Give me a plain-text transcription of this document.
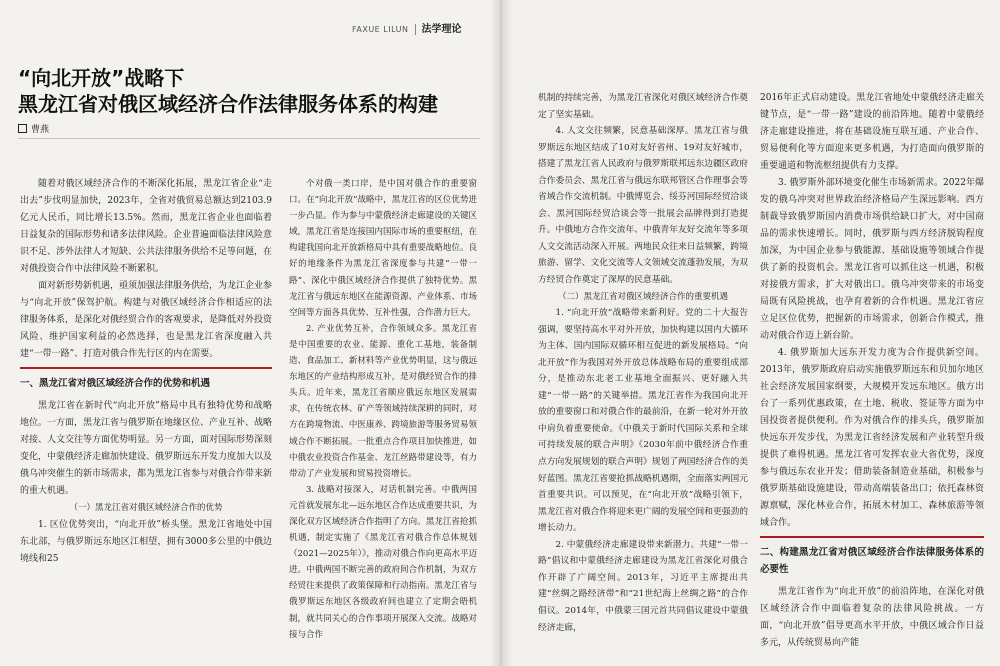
FAXUE LILUN 法学理论
“向北开放”战略下
黑龙江省对俄区域经济合作法律服务体系的构建
曹燕

随着对俄区域经济合作的不断深化拓展，黑龙江省企业“走出去”步伐明显加快，2023年，全省对俄贸易总额达到2103.9亿元人民币，同比增长13.5%。然而，黑龙江省企业也面临着日益复杂的国际形势和诸多法律风险。企业普遍面临法律风险意识不足、涉外法律人才短缺、公共法律服务供给不足等问题，在对俄投资合作中法律风险不断累积。

面对新形势新机遇，亟须加强法律服务供给，为龙江企业参与“向北开放”保驾护航。构建与对俄区域经济合作相适应的法律服务体系，是深化对俄经贸合作的客观要求，是降低对外投资风险、维护国家利益的必然选择，也是黑龙江省深度融入共建“一带一路”、打造对俄合作先行区的内在需要。

一、黑龙江省对俄区域经济合作的优势和机遇

黑龙江省在新时代“向北开放”格局中具有独特优势和战略地位。一方面，黑龙江省与俄罗斯在地缘区位、产业互补、战略对接、人文交往等方面优势明显。另一方面，面对国际形势深刻变化，中蒙俄经济走廊加快建设、俄罗斯远东开发力度加大以及俄乌冲突催生的新市场需求，都为黑龙江省参与对俄合作带来新的重大机遇。

（一）黑龙江省对俄区域经济合作的优势

1. 区位优势突出，“向北开放”桥头堡。黑龙江省地处中国东北部，与俄罗斯远东地区江相望，拥有3000多公里的中俄边境线和25

个对俄一类口岸，是中国对俄合作的重要窗口。在“向北开放”战略中，黑龙江省的区位优势进一步凸显。作为参与中蒙俄经济走廊建设的关键区域，黑龙江省是连接国内国际市场的重要枢纽，在构建我国向北开放新格局中具有重要战略地位。良好的地缘条件为黑龙江省深度参与共建“一带一路”、深化中俄区域经济合作提供了独特优势。黑龙江省与俄远东地区在能源资源、产业体系、市场空间等方面各具优势、互补性强，合作潜力巨大。

2. 产业优势互补，合作领域众多。黑龙江省是中国重要的农业、能源、重化工基地，装备制造、食品加工、新材料等产业优势明显，这与俄远东地区的产业结构形成互补，是对俄经贸合作的排头兵。近年来，黑龙江省顺应俄远东地区发展需求，在传统农林、矿产等领域持续深耕的同时，对方在跨境物流、中医康养、跨境旅游等服务贸易领域合作不断拓展。一批重点合作项目加快推进，如中俄农业投资合作基金、龙江丝路带建设等，有力带动了产业发展和贸易投资增长。

3. 战略对接深入，对话机制完善。中俄两国元首就发展东北—远东地区合作达成重要共识，为深化双方区域经济合作指明了方向。黑龙江省抢抓机遇，制定实施了《黑龙江省对俄合作总体规划（2021—2025年）》，推动对俄合作向更高水平迈进。中俄两国不断完善的政府间合作机制，为双方经贸往来提供了政策保障和行动指南。黑龙江省与俄罗斯远东地区各级政府间也建立了定期会晤机制，就共同关心的合作事项开展深入交流。战略对接与合作

机制的持续完善，为黑龙江省深化对俄区域经济合作奠定了坚实基础。

4. 人文交往频繁，民意基础深厚。黑龙江省与俄罗斯远东地区结成了10对友好省州、19对友好城市，搭建了黑龙江省人民政府与俄罗斯联邦远东边疆区政府合作委员会、黑龙江省与俄远东联邦管区合作理事会等省域合作交流机制。中俄博览会、绥芬河国际经贸洽谈会、黑河国际经贸洽谈会等一批展会品牌得到打造提升。中俄地方合作交流年、中俄青年友好交流年等多项人文交流活动深入开展。两地民众往来日益频繁，跨境旅游、留学、文化交流等人文领域交流蓬勃发展，为双方经贸合作奠定了深厚的民意基础。

（二）黑龙江省对俄区域经济合作的重要机遇

1. “向北开放”战略带来新利好。党的二十大报告强调，要坚持高水平对外开放，加快构建以国内大循环为主体、国内国际双循环相互促进的新发展格局。“向北开放”作为我国对外开放总体战略布局的重要组成部分，是推动东北老工业基地全面振兴、更好融入共建“一带一路”的关键举措。黑龙江省作为我国向北开放的重要窗口和对俄合作的最前沿，在新一轮对外开放中肩负着重要使命。《中俄关于新时代国际关系和全球可持续发展的联合声明》《2030年前中俄经济合作重点方向发展规划的联合声明》规划了两国经济合作的美好蓝图。黑龙江省要抢抓战略机遇期，全面落实两国元首重要共识。可以预见，在“向北开放”战略引领下，黑龙江省对俄合作将迎来更广阔的发展空间和更强劲的增长动力。

2. 中蒙俄经济走廊建设带来新潜力。共建“一带一路”倡议和中蒙俄经济走廊建设为黑龙江省深化对俄合作开辟了广阔空间。2013年，习近平主席提出共建“丝绸之路经济带”和“21世纪海上丝绸之路”的合作倡议。2014年，中俄蒙三国元首共同倡议建设中蒙俄经济走廊，

2016年正式启动建设。黑龙江省地处中蒙俄经济走廊关键节点，是“一带一路”建设的前沿阵地。随着中蒙俄经济走廊建设推进，将在基础设施互联互通、产业合作、贸易便利化等方面迎来更多机遇，为打造面向俄罗斯的重要通道和物流枢纽提供有力支撑。

3. 俄罗斯外部环境变化催生市场新需求。2022年爆发的俄乌冲突对世界政治经济格局产生深远影响。西方制裁导致俄罗斯国内消费市场供给缺口扩大，对中国商品的需求快速增长。同时，俄罗斯与西方经济脱钩程度加深，为中国企业参与俄能源、基础设施等领域合作提供了新的投资机会。黑龙江省可以抓住这一机遇，积极对接俄方需求，扩大对俄出口。俄乌冲突带来的市场变局既有风险挑战，也孕育着新的合作机遇。黑龙江省应立足区位优势，把握新的市场需求，创新合作模式，推动对俄合作迈上新台阶。

4. 俄罗斯加大远东开发力度为合作提供新空间。2013年，俄罗斯政府启动实施俄罗斯远东和贝加尔地区社会经济发展国家纲要，大规模开发远东地区。俄方出台了一系列优惠政策，在土地、税收、签证等方面为中国投资者提供便利。作为对俄合作的排头兵，俄罗斯加快远东开发步伐，为黑龙江省经济发展和产业转型升级提供了难得机遇。黑龙江省可发挥农业大省优势，深度参与俄远东农业开发；借助装备制造业基础，积极参与俄罗斯基础设施建设，带动高端装备出口；依托森林资源禀赋，深化林业合作，拓展木材加工、森林旅游等领域合作。

二、构建黑龙江省对俄区域经济合作法律服务体系的必要性

黑龙江省作为“向北开放”的前沿阵地，在深化对俄区域经济合作中面临着复杂的法律风险挑战。一方面，“向北开放”倡导更高水平开放，中俄区域合作日益多元，从传统贸易向产能
